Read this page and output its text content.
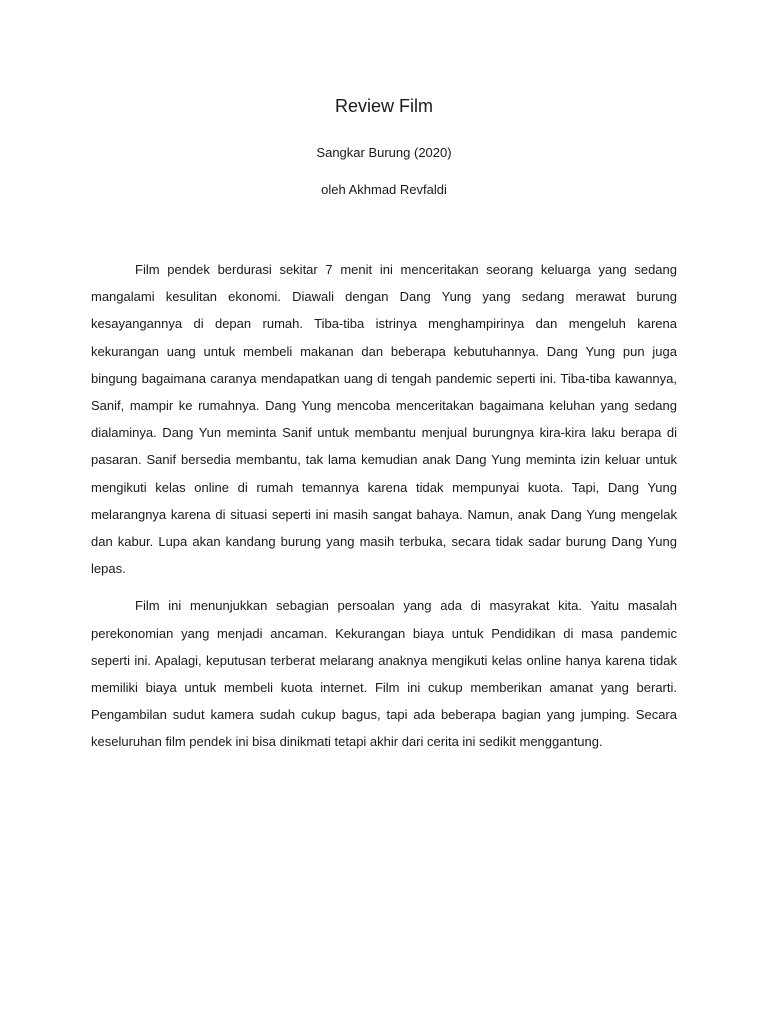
Review Film
Sangkar Burung (2020)
oleh Akhmad Revfaldi

Film pendek berdurasi sekitar 7 menit ini menceritakan seorang keluarga yang sedang mangalami kesulitan ekonomi. Diawali dengan Dang Yung yang sedang merawat burung kesayangannya di depan rumah. Tiba-tiba istrinya menghampirinya dan mengeluh karena kekurangan uang untuk membeli makanan dan beberapa kebutuhannya. Dang Yung pun juga bingung bagaimana caranya mendapatkan uang di tengah pandemic seperti ini. Tiba-tiba kawannya, Sanif, mampir ke rumahnya. Dang Yung mencoba menceritakan bagaimana keluhan yang sedang dialaminya. Dang Yun meminta Sanif untuk membantu menjual burungnya kira-kira laku berapa di pasaran. Sanif bersedia membantu, tak lama kemudian anak Dang Yung meminta izin keluar untuk mengikuti kelas online di rumah temannya karena tidak mempunyai kuota. Tapi, Dang Yung melarangnya karena di situasi seperti ini masih sangat bahaya. Namun, anak Dang Yung mengelak dan kabur. Lupa akan kandang burung yang masih terbuka, secara tidak sadar burung Dang Yung lepas.

Film ini menunjukkan sebagian persoalan yang ada di masyrakat kita. Yaitu masalah perekonomian yang menjadi ancaman. Kekurangan biaya untuk Pendidikan di masa pandemic seperti ini. Apalagi, keputusan terberat melarang anaknya mengikuti kelas online hanya karena tidak memiliki biaya untuk membeli kuota internet. Film ini cukup memberikan amanat yang berarti. Pengambilan sudut kamera sudah cukup bagus, tapi ada beberapa bagian yang jumping. Secara keseluruhan film pendek ini bisa dinikmati tetapi akhir dari cerita ini sedikit menggantung.
